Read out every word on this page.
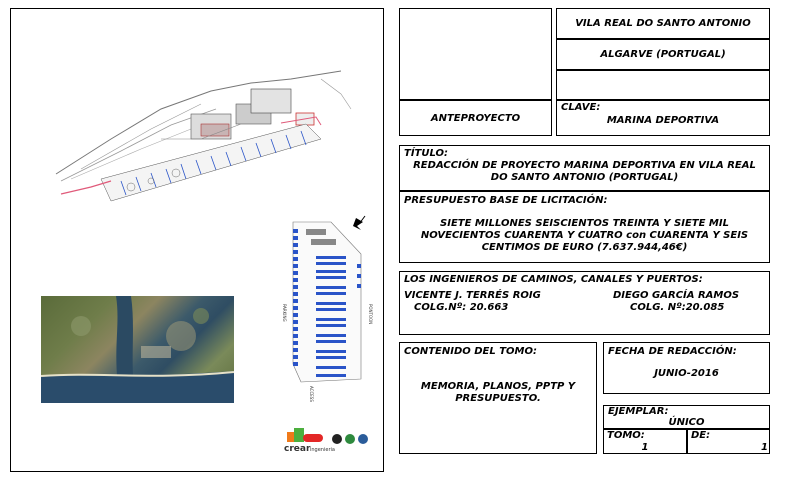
PARKING	PONTOON
ACCESS
crear ingenieria
ANTEPROYECTO
VILA REAL DO SANTO ANTONIO
ALGARVE (PORTUGAL)
CLAVE:
MARINA DEPORTIVA
TÍTULO:
REDACCIÓN DE PROYECTO MARINA DEPORTIVA EN VILA REAL DO SANTO ANTONIO (PORTUGAL)
PRESUPUESTO BASE DE LICITACIÓN:
SIETE MILLONES SEISCIENTOS TREINTA Y SIETE MIL NOVECIENTOS CUARENTA Y CUATRO con CUARENTA Y SEIS CENTIMOS DE EURO (7.637.944,46€)
LOS INGENIEROS DE CAMINOS, CANALES Y PUERTOS:
VICENTE J. TERRÉS ROIG
COLG.Nº: 20.663
DIEGO GARCÍA RAMOS
COLG. Nº:20.085
CONTENIDO DEL TOMO:
MEMORIA, PLANOS, PPTP Y PRESUPUESTO.
FECHA DE REDACCIÓN:
JUNIO-2016
EJEMPLAR:
ÚNICO
TOMO:
1
DE:
1
